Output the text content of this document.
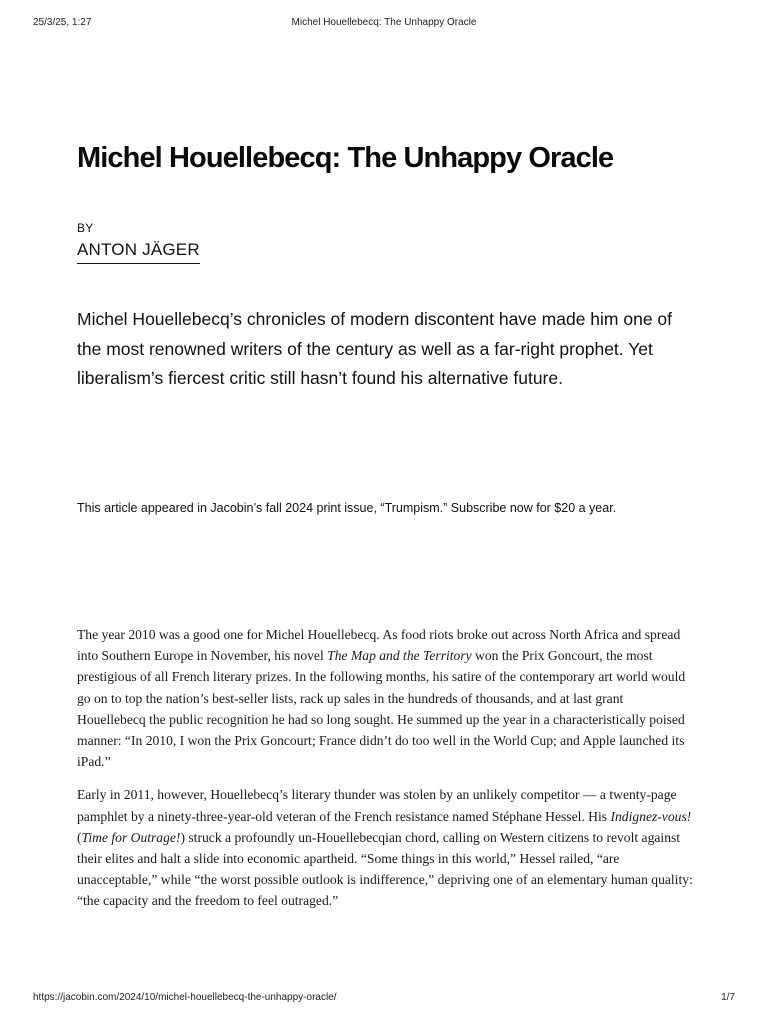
25/3/25, 1:27	Michel Houellebecq: The Unhappy Oracle
Michel Houellebecq: The Unhappy Oracle
BY
ANTON JÄGER

Michel Houellebecq’s chronicles of modern discontent have made him one of the most renowned writers of the century as well as a far-right prophet. Yet liberalism’s fiercest critic still hasn’t found his alternative future.

This article appeared in Jacobin’s fall 2024 print issue, “Trumpism.” Subscribe now for $20 a year.

The year 2010 was a good one for Michel Houellebecq. As food riots broke out across North Africa and spread into Southern Europe in November, his novel The Map and the Territory won the Prix Goncourt, the most prestigious of all French literary prizes. In the following months, his satire of the contemporary art world would go on to top the nation’s best-seller lists, rack up sales in the hundreds of thousands, and at last grant Houellebecq the public recognition he had so long sought. He summed up the year in a characteristically poised manner: “In 2010, I won the Prix Goncourt; France didn’t do too well in the World Cup; and Apple launched its iPad.”

Early in 2011, however, Houellebecq’s literary thunder was stolen by an unlikely competitor — a twenty-page pamphlet by a ninety-three-year-old veteran of the French resistance named Stéphane Hessel. His Indignez-vous! (Time for Outrage!) struck a profoundly un-Houellebecqian chord, calling on Western citizens to revolt against their elites and halt a slide into economic apartheid. “Some things in this world,” Hessel railed, “are unacceptable,” while “the worst possible outlook is indifference,” depriving one of an elementary human quality: “the capacity and the freedom to feel outraged.”

https://jacobin.com/2024/10/michel-houellebecq-the-unhappy-oracle/	1/7
